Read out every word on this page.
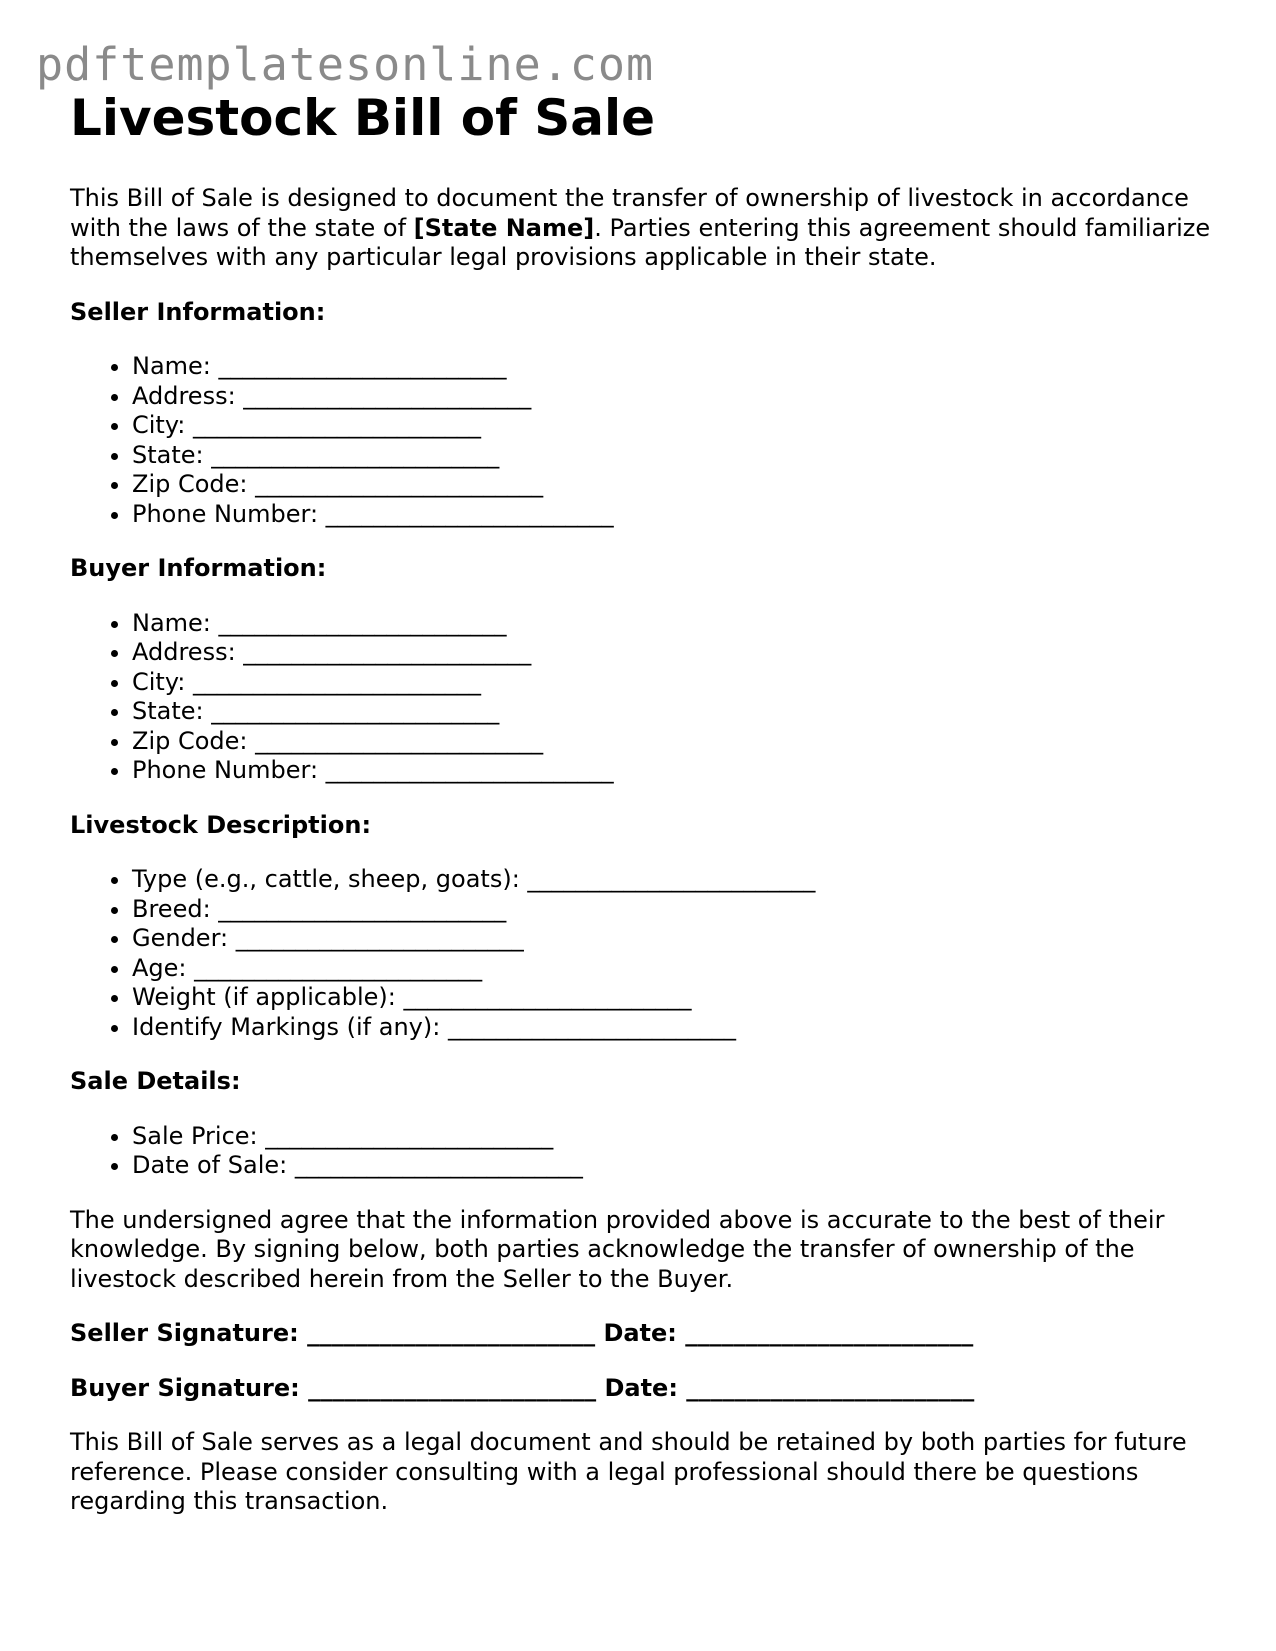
pdftemplatesonline.com
Livestock Bill of Sale

This Bill of Sale is designed to document the transfer of ownership of livestock in accordance with the laws of the state of [State Name]. Parties entering this agreement should familiarize themselves with any particular legal provisions applicable in their state.

Seller Information:
• Name: ________________________
• Address: ________________________
• City: ________________________
• State: ________________________
• Zip Code: ________________________
• Phone Number: ________________________
Buyer Information:
• Name: ________________________
• Address: ________________________
• City: ________________________
• State: ________________________
• Zip Code: ________________________
• Phone Number: ________________________
Livestock Description:
• Type (e.g., cattle, sheep, goats): ________________________
• Breed: ________________________
• Gender: ________________________
• Age: ________________________
• Weight (if applicable): ________________________
• Identify Markings (if any): ________________________
Sale Details:
• Sale Price: ________________________
• Date of Sale: ________________________

The undersigned agree that the information provided above is accurate to the best of their knowledge. By signing below, both parties acknowledge the transfer of ownership of the livestock described herein from the Seller to the Buyer.

Seller Signature: ________________________ Date: ________________________
Buyer Signature: ________________________ Date: ________________________

This Bill of Sale serves as a legal document and should be retained by both parties for future reference. Please consider consulting with a legal professional should there be questions regarding this transaction.
